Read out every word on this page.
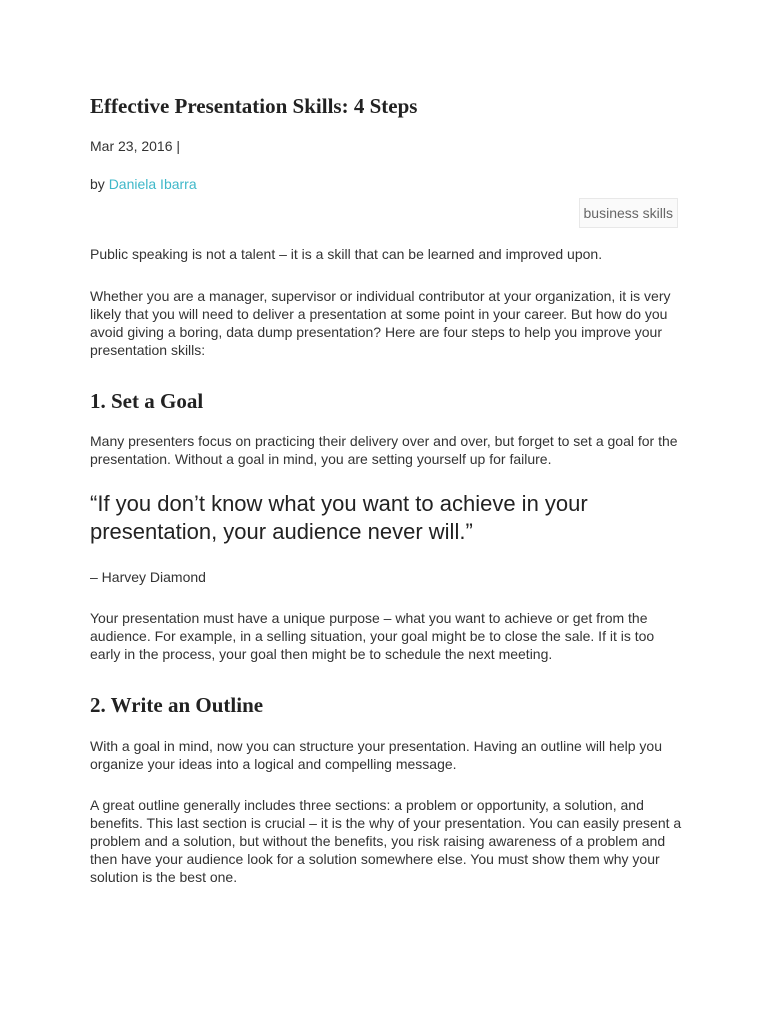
Effective Presentation Skills: 4 Steps
Mar 23, 2016 |
by Daniela Ibarra
business skills

Public speaking is not a talent – it is a skill that can be learned and improved upon.

Whether you are a manager, supervisor or individual contributor at your organization, it is very likely that you will need to deliver a presentation at some point in your career. But how do you avoid giving a boring, data dump presentation? Here are four steps to help you improve your presentation skills:

1. Set a Goal

Many presenters focus on practicing their delivery over and over, but forget to set a goal for the presentation. Without a goal in mind, you are setting yourself up for failure.

“If you don’t know what you want to achieve in your presentation, your audience never will.”
– Harvey Diamond

Your presentation must have a unique purpose – what you want to achieve or get from the audience. For example, in a selling situation, your goal might be to close the sale. If it is too early in the process, your goal then might be to schedule the next meeting.

2. Write an Outline

With a goal in mind, now you can structure your presentation. Having an outline will help you organize your ideas into a logical and compelling message.

A great outline generally includes three sections: a problem or opportunity, a solution, and benefits. This last section is crucial – it is the why of your presentation. You can easily present a problem and a solution, but without the benefits, you risk raising awareness of a problem and then have your audience look for a solution somewhere else. You must show them why your solution is the best one.
